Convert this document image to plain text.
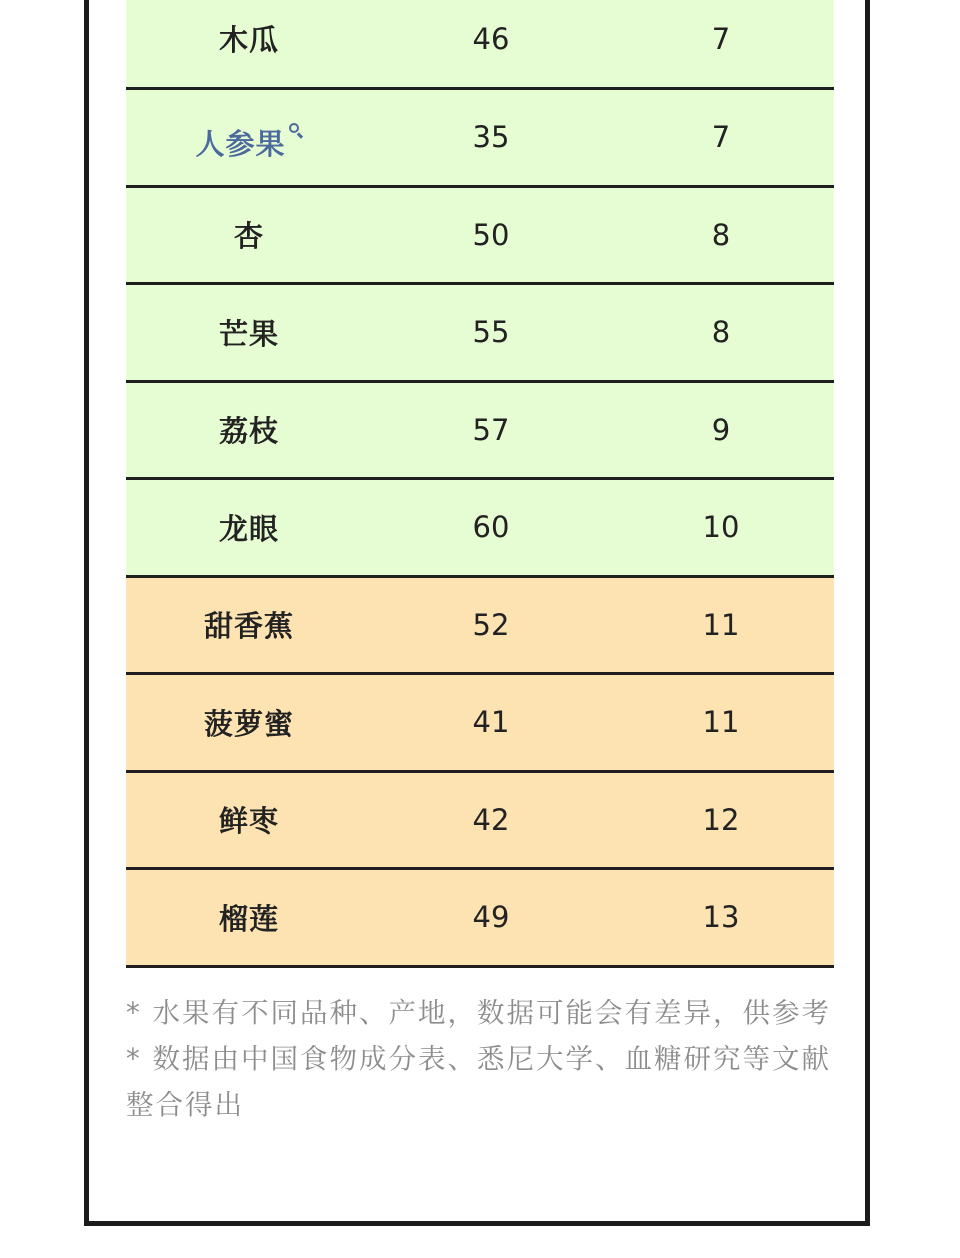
木瓜	46	7
人参果	35	7
杏	50	8
芒果	55	8
荔枝	57	9
龙眼	60	10
甜香蕉	52	11
菠萝蜜	41	11
鲜枣	42	12
榴莲	49	13

* 水果有不同品种、产地，数据可能会有差异，供参考

* 数据由中国食物成分表、悉尼大学、血糖研究等文献整合得出
